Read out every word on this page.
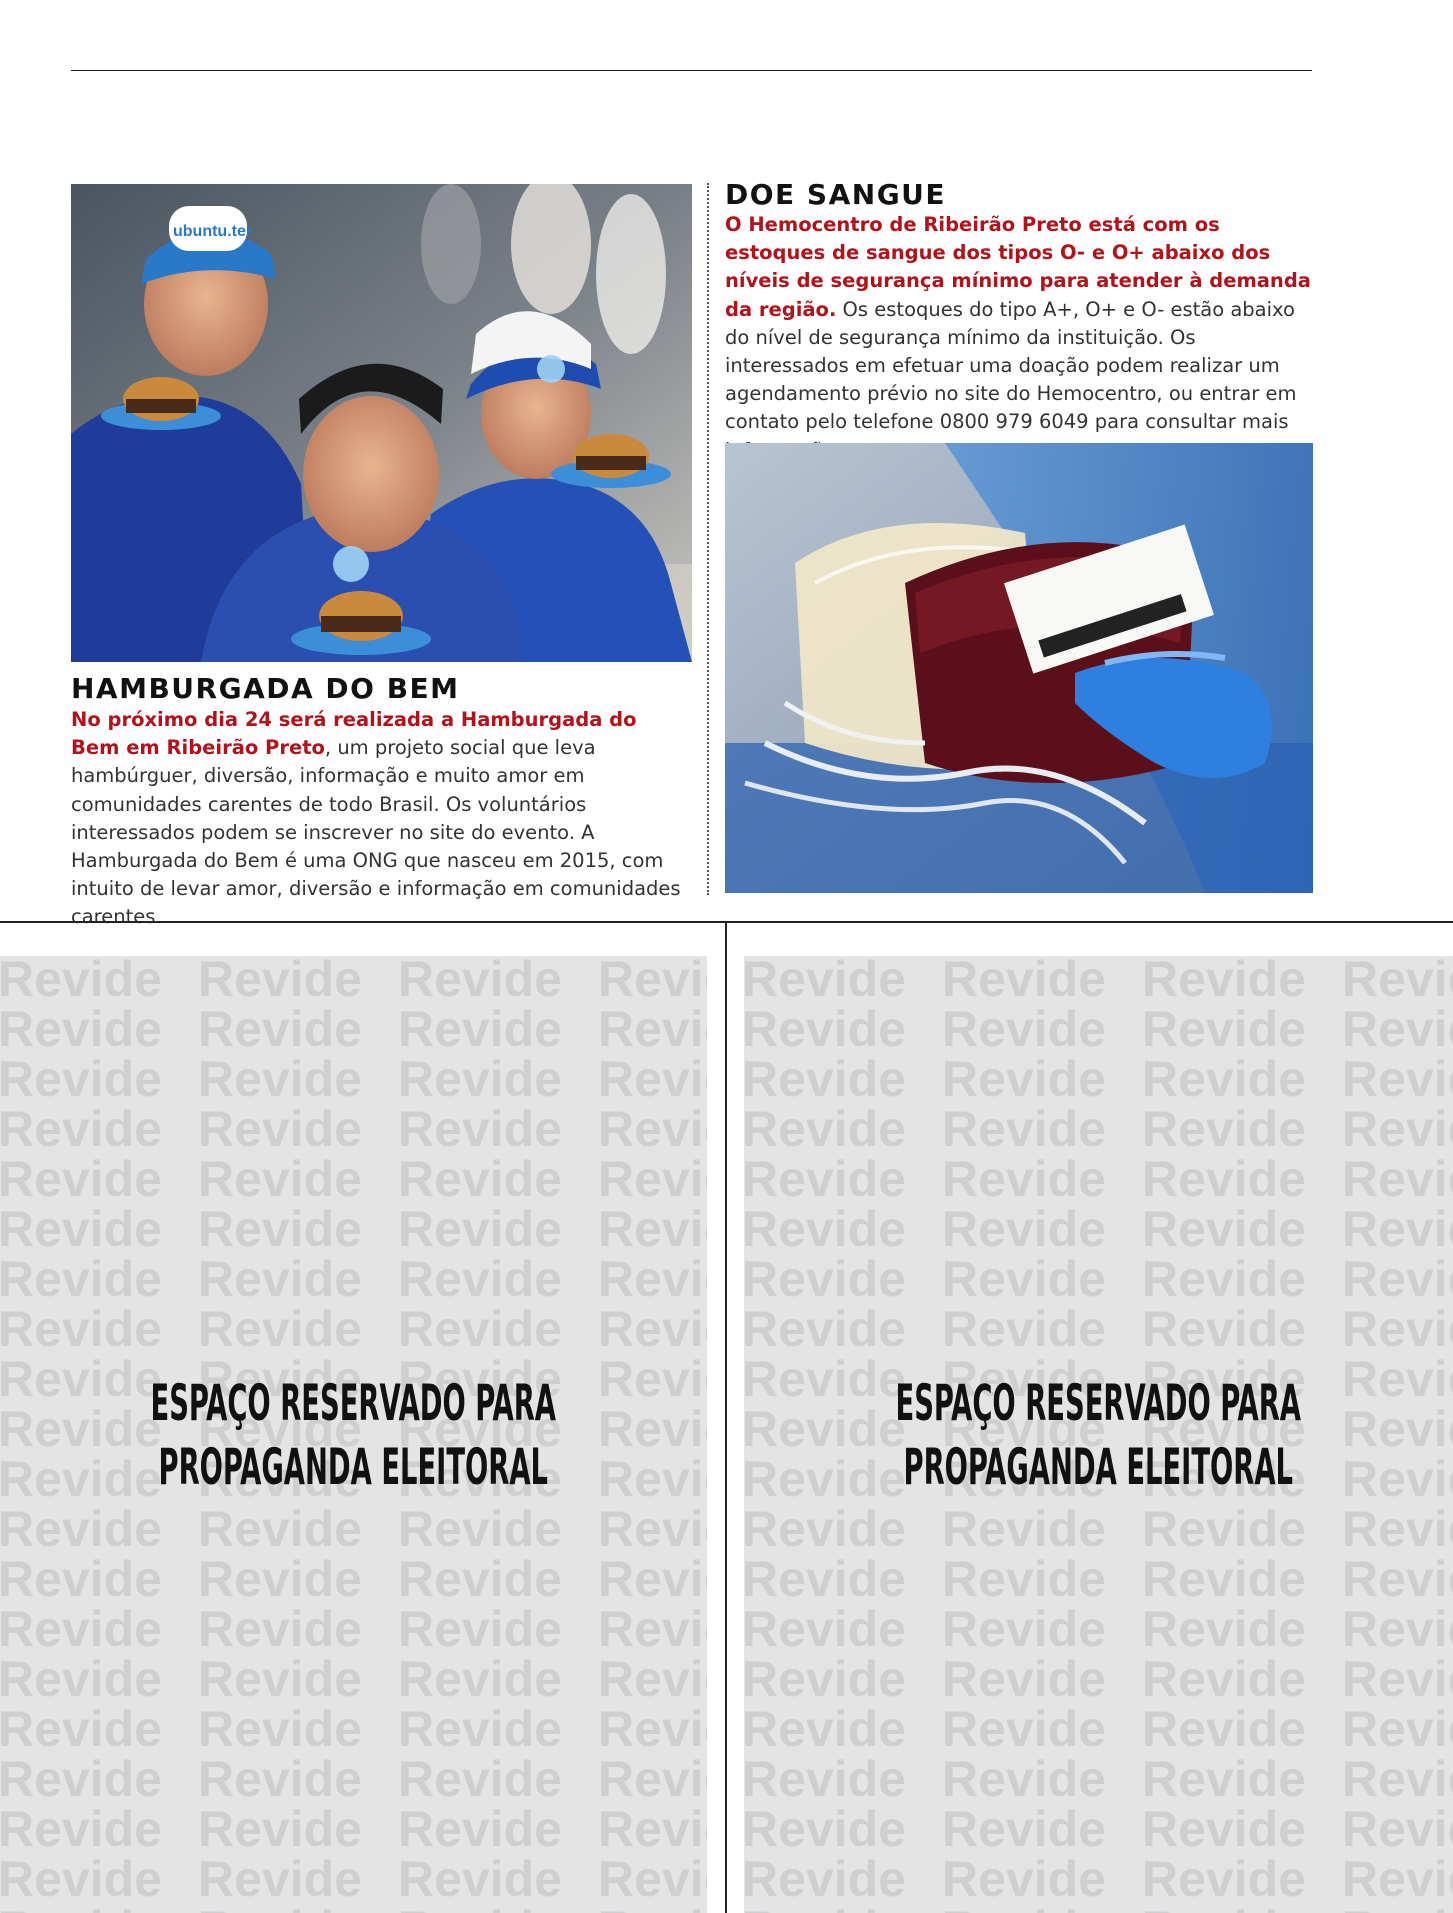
ubuntu.ter
HAMBURGADA DO BEM

No próximo dia 24 será realizada a Hamburgada do Bem em Ribeirão Preto, um projeto social que leva hambúrguer, diversão, informação e muito amor em comunidades carentes de todo Brasil. Os voluntários interessados podem se inscrever no site do evento. A Hamburgada do Bem é uma ONG que nasceu em 2015, com intuito de levar amor, diversão e informação em comunidades carentes

DOE SANGUE

O Hemocentro de Ribeirão Preto está com os estoques de sangue dos tipos O- e O+ abaixo dos níveis de segurança mínimo para atender à demanda da região. Os estoques do tipo A+, O+ e O- estão abaixo do nível de segurança mínimo da instituição. Os interessados em efetuar uma doação podem realizar um agendamento prévio no site do Hemocentro, ou entrar em contato pelo telefone 0800 979 6049 para consultar mais

ESPAÇO RESERVADO PARA
PROPAGANDA ELEITORAL
ESPAÇO RESERVADO PARA
PROPAGANDA ELEITORAL
